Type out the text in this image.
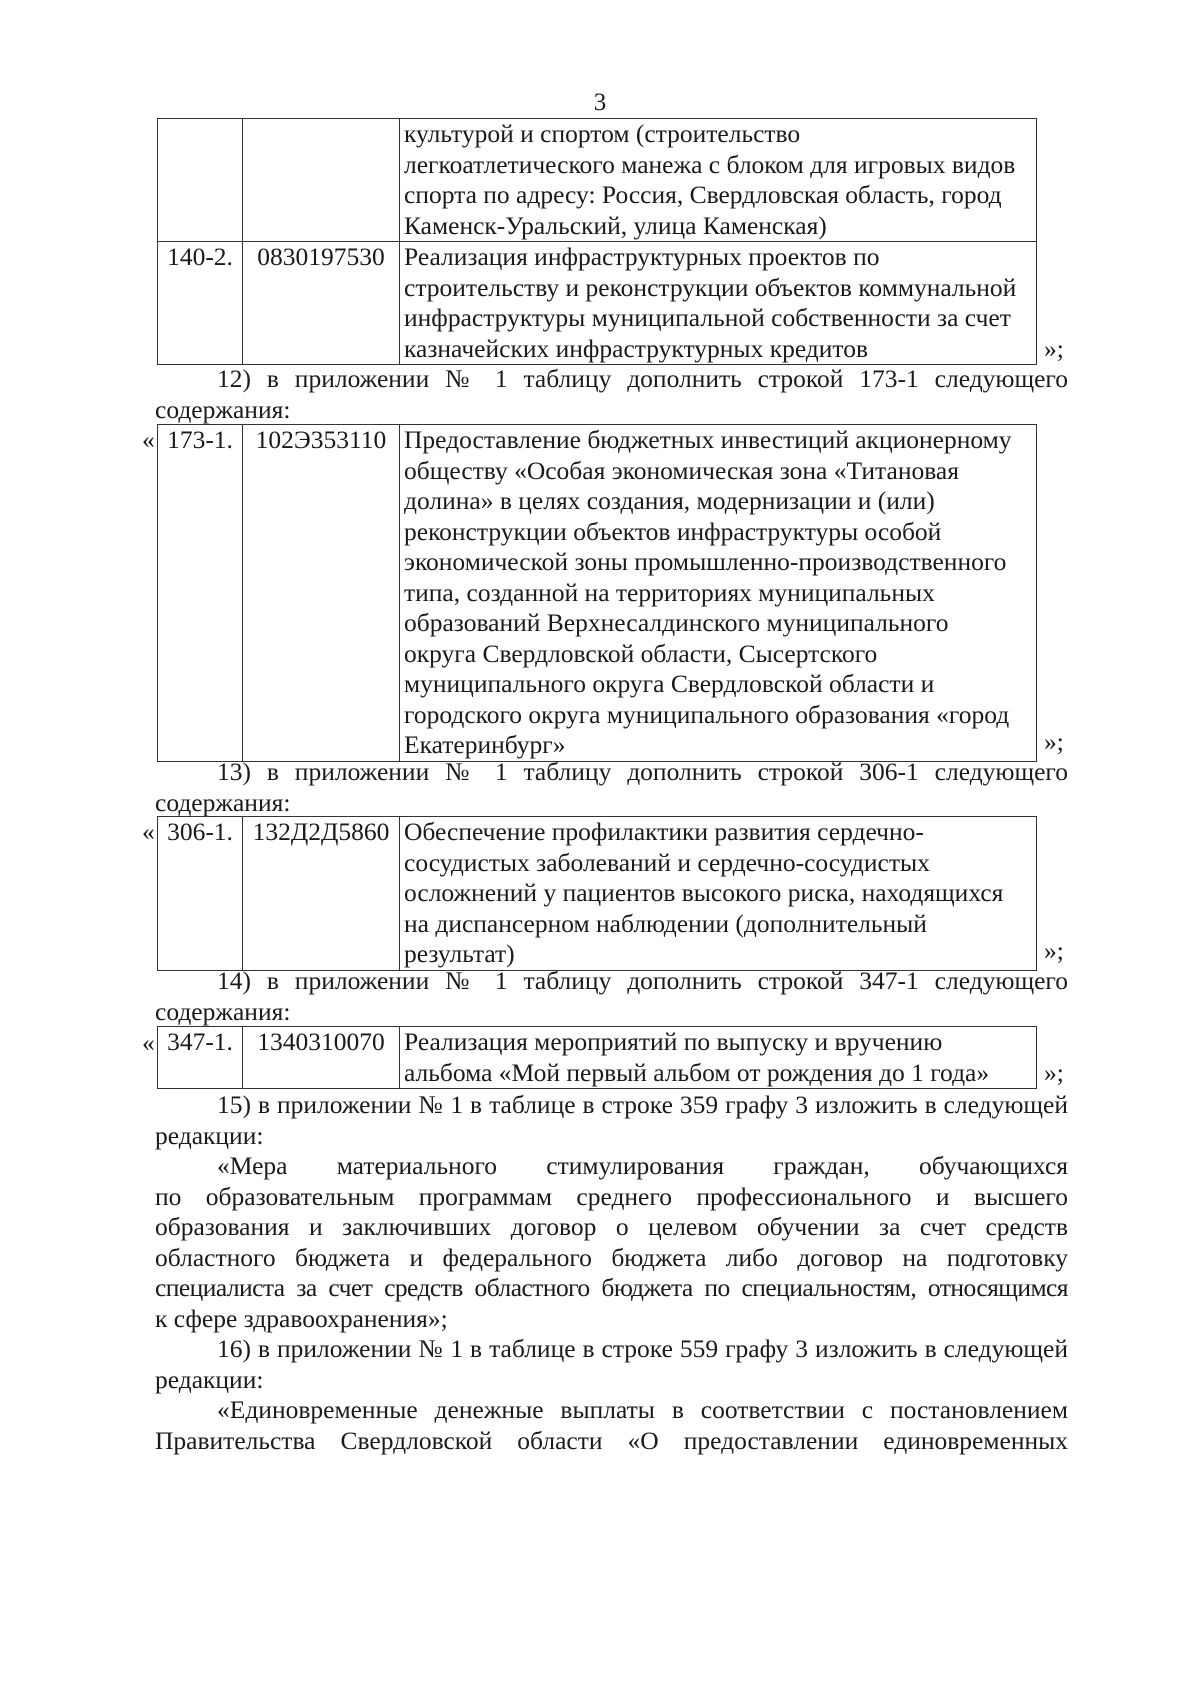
3

		культурой и спортом (строительство
легкоатлетического манежа с блоком для игровых видов
спорта по адресу: Россия, Свердловская область, город
Каменск-Уральский, улица Каменская)

140-2.	0830197530	Реализация инфраструктурных проектов по
строительству и реконструкции объектов коммунальной
инфраструктуры муниципальной собственности за счет
казначейских инфраструктурных кредитов	»;
12) в приложении № 1 таблицу дополнить строкой 173-1 следующего
содержания:
« 173-1.	102Э353110	Предоставление бюджетных инвестиций акционерному
обществу «Особая экономическая зона «Титановая
долина» в целях создания, модернизации и (или)
реконструкции объектов инфраструктуры особой
экономической зоны промышленно-производственного
типа, созданной на территориях муниципальных
образований Верхнесалдинского муниципального
округа Свердловской области, Сысертского
муниципального округа Свердловской области и
городского округа муниципального образования «город
Екатеринбург»	»;
13) в приложении № 1 таблицу дополнить строкой 306-1 следующего
содержания:
« 306-1.	132Д2Д5860	Обеспечение профилактики развития сердечно-
сосудистых заболеваний и сердечно-сосудистых
осложнений у пациентов высокого риска, находящихся
на диспансерном наблюдении (дополнительный
результат)	»;
14) в приложении № 1 таблицу дополнить строкой 347-1 следующего
содержания:
« 347-1.	1340310070	Реализация мероприятий по выпуску и вручению
альбома «Мой первый альбом от рождения до 1 года»	»;
15) в приложении № 1 в таблице в строке 359 графу 3 изложить в следующей
редакции:
«Мера материального стимулирования граждан, обучающихся
по образовательным программам среднего профессионального и высшего
образования и заключивших договор о целевом обучении за счет средств
областного бюджета и федерального бюджета либо договор на подготовку
специалиста за счет средств областного бюджета по специальностям, относящимся
к сфере здравоохранения»;
16) в приложении № 1 в таблице в строке 559 графу 3 изложить в следующей
редакции:
«Единовременные денежные выплаты в соответствии с постановлением
Правительства Свердловской области «О предоставлении единовременных
